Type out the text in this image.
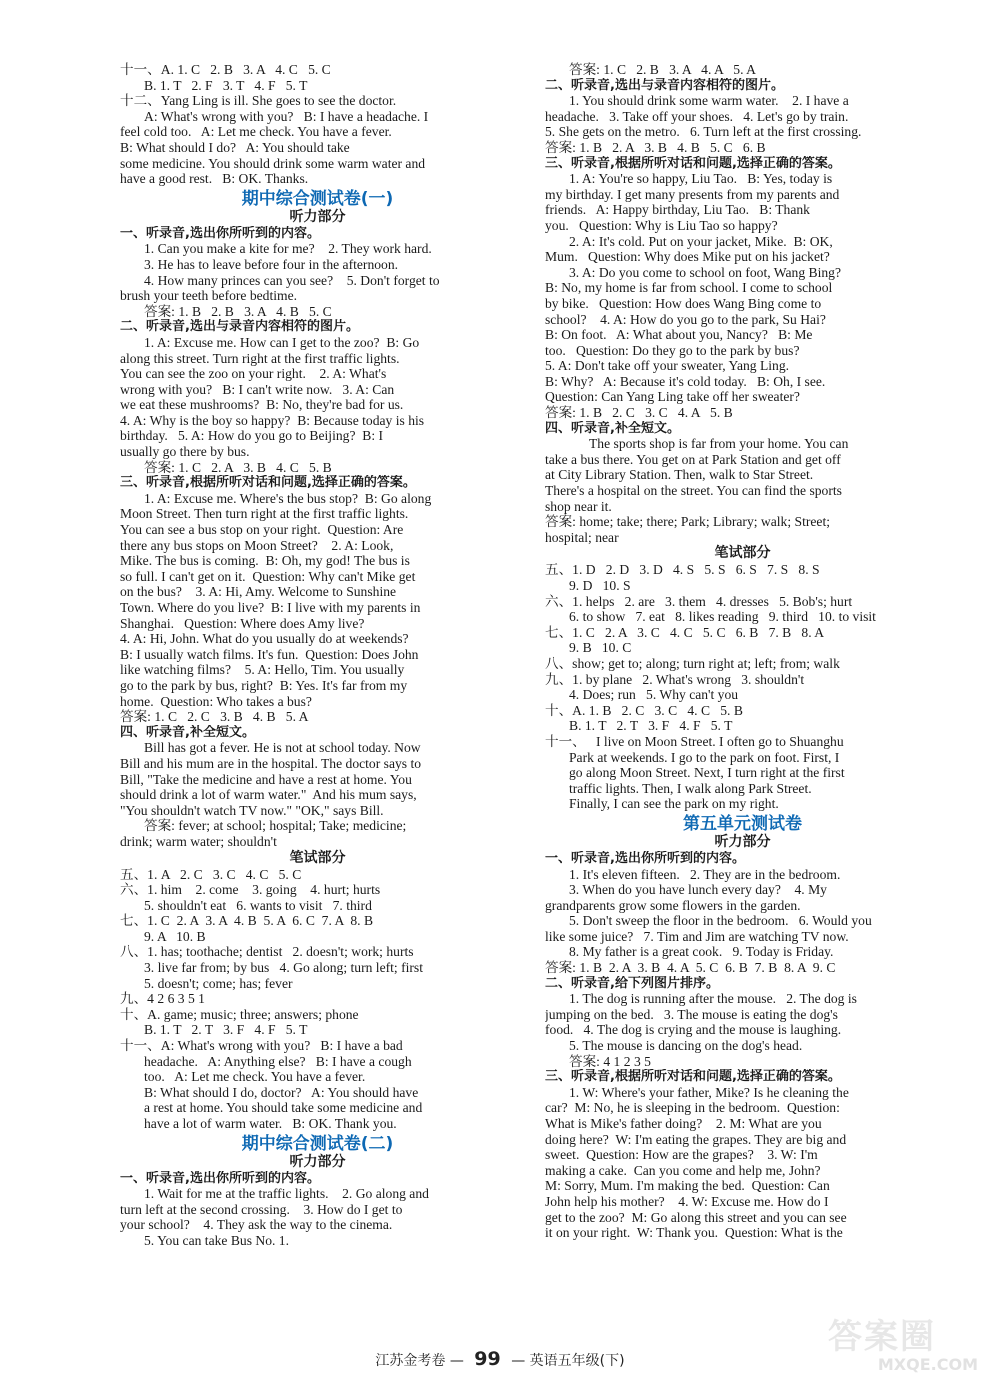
十一、A. 1. C   2. B   3. A   4. C   5. C
B. 1. T   2. F   3. T   4. F   5. T
十二、Yang Ling is ill. She goes to see the doctor.
A: What's wrong with you?   B: I have a headache. I
feel cold too.   A: Let me check. You have a fever.
B: What should I do?   A: You should take
some medicine. You should drink some warm water and
have a good rest.   B: OK. Thanks.
期中综合测试卷(一)
听力部分
一、听录音,选出你所听到的内容。
1. Can you make a kite for me?    2. They work hard.
3. He has to leave before four in the afternoon.
4. How many princes can you see?    5. Don't forget to
brush your teeth before bedtime.
答案: 1. B   2. B   3. A   4. B   5. C
二、听录音,选出与录音内容相符的图片。
1. A: Excuse me. How can I get to the zoo?  B: Go
along this street. Turn right at the first traffic lights.
You can see the zoo on your right.    2. A: What's
wrong with you?   B: I can't write now.   3. A: Can
we eat these mushrooms?  B: No, they're bad for us.
4. A: Why is the boy so happy?  B: Because today is his
birthday.   5. A: How do you go to Beijing?  B: I
usually go there by bus.
答案: 1. C   2. A   3. B   4. C   5. B
三、听录音,根据所听对话和问题,选择正确的答案。
1. A: Excuse me. Where's the bus stop?  B: Go along
Moon Street. Then turn right at the first traffic lights.
You can see a bus stop on your right.  Question: Are
there any bus stops on Moon Street?    2. A: Look,
Mike. The bus is coming.  B: Oh, my god! The bus is
so full. I can't get on it.  Question: Why can't Mike get
on the bus?    3. A: Hi, Amy. Welcome to Sunshine
Town. Where do you live?  B: I live with my parents in
Shanghai.   Question: Where does Amy live?
4. A: Hi, John. What do you usually do at weekends?
B: I usually watch films. It's fun.  Question: Does John
like watching films?    5. A: Hello, Tim. You usually
go to the park by bus, right?  B: Yes. It's far from my
home.  Question: Who takes a bus?
答案: 1. C   2. C   3. B   4. B   5. A
四、听录音,补全短文。
Bill has got a fever. He is not at school today. Now
Bill and his mum are in the hospital. The doctor says to
Bill, "Take the medicine and have a rest at home. You
should drink a lot of warm water."  And his mum says,
"You shouldn't watch TV now." "OK," says Bill.
答案: fever; at school; hospital; Take; medicine;
drink; warm water; shouldn't
笔试部分
五、1. A   2. C   3. C   4. C   5. C
六、1. him    2. come    3. going    4. hurt; hurts
5. shouldn't eat   6. wants to visit   7. third
七、1. C  2. A  3. A  4. B  5. A  6. C  7. A  8. B
9. A   10. B
八、1. has; toothache; dentist   2. doesn't; work; hurts
3. live far from; by bus   4. Go along; turn left; first
5. doesn't; come; has; fever
九、4 2 6 3 5 1
十、A. game; music; three; answers; phone
B. 1. T   2. T   3. F   4. F   5. T
十一、A: What's wrong with you?   B: I have a bad
headache.   A: Anything else?   B: I have a cough
too.   A: Let me check. You have a fever.
B: What should I do, doctor?   A: You should have
a rest at home. You should take some medicine and
have a lot of warm water.   B: OK. Thank you.
期中综合测试卷(二)
听力部分
一、听录音,选出你所听到的内容。
1. Wait for me at the traffic lights.    2. Go along and
turn left at the second crossing.    3. How do I get to
your school?    4. They ask the way to the cinema.
5. You can take Bus No. 1.
答案: 1. C   2. B   3. A   4. A   5. A
二、听录音,选出与录音内容相符的图片。
1. You should drink some warm water.    2. I have a
headache.   3. Take off your shoes.   4. Let's go by train.
5. She gets on the metro.   6. Turn left at the first crossing.
答案: 1. B   2. A   3. B   4. B   5. C   6. B
三、听录音,根据所听对话和问题,选择正确的答案。
1. A: You're so happy, Liu Tao.   B: Yes, today is
my birthday. I get many presents from my parents and
friends.   A: Happy birthday, Liu Tao.   B: Thank
you.   Question: Why is Liu Tao so happy?
2. A: It's cold. Put on your jacket, Mike.  B: OK,
Mum.   Question: Why does Mike put on his jacket?
3. A: Do you come to school on foot, Wang Bing?
B: No, my home is far from school. I come to school
by bike.   Question: How does Wang Bing come to
school?    4. A: How do you go to the park, Su Hai?
B: On foot.   A: What about you, Nancy?   B: Me
too.   Question: Do they go to the park by bus?
5. A: Don't take off your sweater, Yang Ling.
B: Why?   A: Because it's cold today.   B: Oh, I see.
Question: Can Yang Ling take off her sweater?
答案: 1. B   2. C   3. C   4. A   5. B
四、听录音,补全短文。
The sports shop is far from your home. You can
take a bus there. You get on at Park Station and get off
at City Library Station. Then, walk to Star Street.
There's a hospital on the street. You can find the sports
shop near it.
答案: home; take; there; Park; Library; walk; Street;
hospital; near
笔试部分
五、1. D   2. D   3. D   4. S   5. S   6. S   7. S   8. S
9. D   10. S
六、1. helps   2. are   3. them   4. dresses   5. Bob's; hurt
6. to show   7. eat   8. likes reading   9. third   10. to visit
七、1. C   2. A   3. C   4. C   5. C   6. B   7. B   8. A
9. B   10. C
八、show; get to; along; turn right at; left; from; walk
九、1. by plane   2. What's wrong   3. shouldn't
4. Does; run   5. Why can't you
十、A. 1. B   2. C   3. C   4. C   5. B
B. 1. T   2. T   3. F   4. F   5. T
十一、   I live on Moon Street. I often go to Shuanghu
Park at weekends. I go to the park on foot. First, I
go along Moon Street. Next, I turn right at the first
traffic lights. Then, I walk along Park Street.
Finally, I can see the park on my right.
第五单元测试卷
听力部分
一、听录音,选出你所听到的内容。
1. It's eleven fifteen.   2. They are in the bedroom.
3. When do you have lunch every day?    4. My
grandparents grow some flowers in the garden.
5. Don't sweep the floor in the bedroom.   6. Would you
like some juice?   7. Tim and Jim are watching TV now.
8. My father is a great cook.   9. Today is Friday.
答案: 1. B  2. A  3. B  4. A  5. C  6. B  7. B  8. A  9. C
二、听录音,给下列图片排序。
1. The dog is running after the mouse.   2. The dog is
jumping on the bed.   3. The mouse is eating the dog's
food.   4. The dog is crying and the mouse is laughing.
5. The mouse is dancing on the dog's head.
答案: 4 1 2 3 5
三、听录音,根据所听对话和问题,选择正确的答案。
1. W: Where's your father, Mike? Is he cleaning the
car?  M: No, he is sleeping in the bedroom.  Question:
What is Mike's father doing?    2. M: What are you
doing here?  W: I'm eating the grapes. They are big and
sweet.  Question: How are the grapes?    3. W: I'm
making a cake.  Can you come and help me, John?
M: Sorry, Mum. I'm making the bed.  Question: Can
John help his mother?    4. W: Excuse me. How do I
get to the zoo?  M: Go along this street and you can see
it on your right.  W: Thank you.  Question: What is the
江苏金考卷 — 99 — 英语五年级(下)
答案圈
MXQE.COM
